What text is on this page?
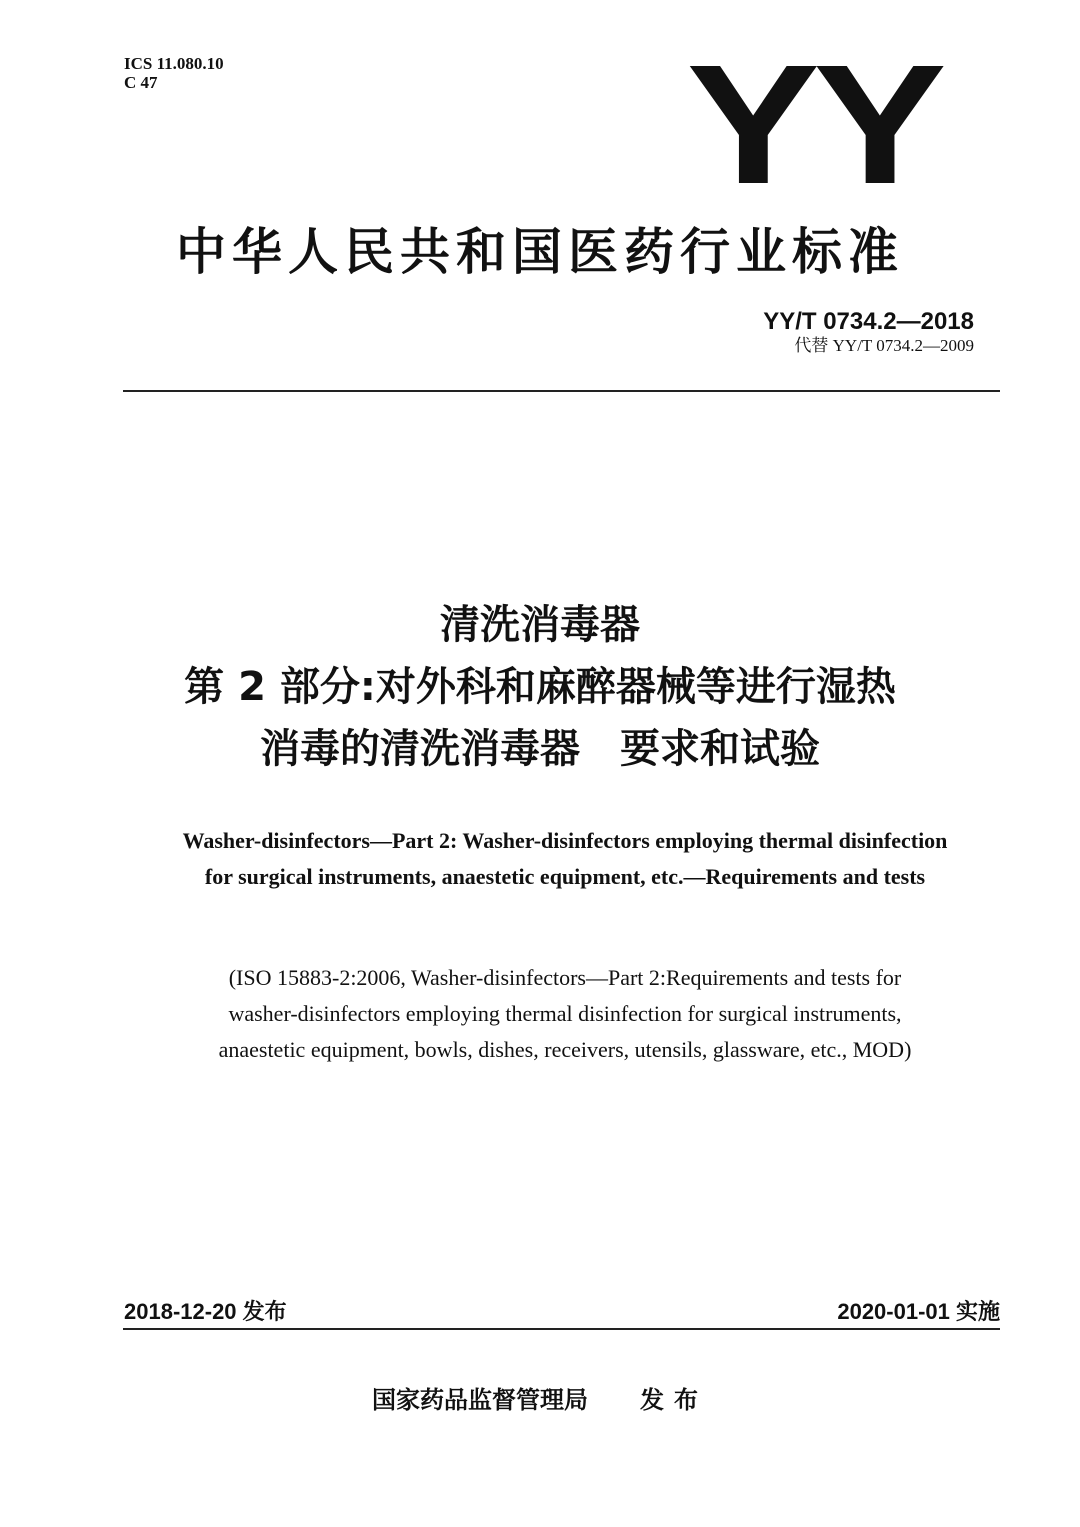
ICS 11.080.10
C 47	YY
中华人民共和国医药行业标准
YY/T 0734.2—2018
代替 YY/T 0734.2—2009
清洗消毒器
第 2 部分:对外科和麻醉器械等进行湿热
消毒的清洗消毒器　要求和试验
Washer-disinfectors—Part 2: Washer-disinfectors employing thermal disinfection
for surgical instruments, anaestetic equipment, etc.—Requirements and tests
(ISO 15883-2:2006, Washer-disinfectors—Part 2:Requirements and tests for
washer-disinfectors employing thermal disinfection for surgical instruments,
anaestetic equipment, bowls, dishes, receivers, utensils, glassware, etc., MOD)
2018-12-20 发布	2020-01-01 实施
国家药品监督管理局 发布
